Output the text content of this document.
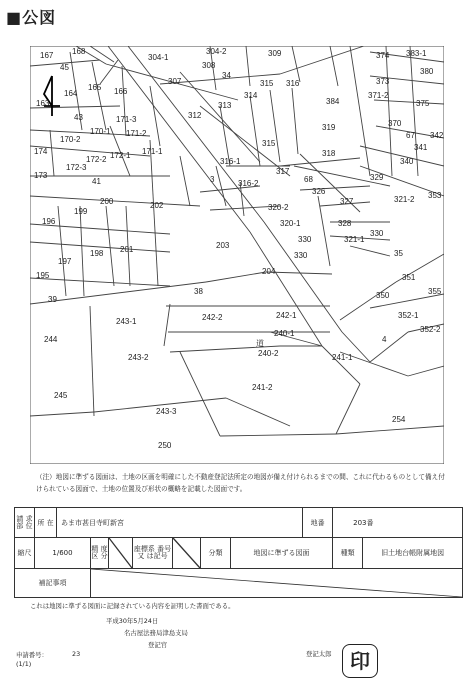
■公図
167 168
45
164
165 166
163
43
170-1
171-3
171-2
170-2
174
172-3
172-2 172-1 171-1
173
41
200
196
199
202
203
201
197
198
195
39
38
204
244
243-1	242-2	242-1
240-1
240-2
243-2
245
243-3
241-2
241-1
250
254
4
3
304-1
304-2
307
308
309
34
312
313
314
315 316
315
316-1
316-2
317
318
319
68
320-2
326
320-1
327
328
330
330	321-1
329
330
321-2
35
350
351
352-1
352-2
355
353
340
341
342
67
370
371-2
373
374
375
380
383-1
384
道
（注）地図に準ずる図面は、土地の区画を明確にした不動産登記法所定の地図が備え付けられるまでの間、これに代わるものとして備え付けられている図面で、土地の位置及び形状の概略を記載した図面です。
請 求 部 位	所 在	あま市甚目寺町新宮							地番	203番	
縮尺	1/600		精 度 区 分		座標系 番号又 は記号		分類	地図に準ずる図面		種類	旧土地台帳附属地図
補記事項	
これは地図に準ずる図面に記録されている内容を証明した書面である。
平成30年5月24日
名古屋法務局津島支局
登記官
登記太郎 印
申請番号：	23
(1/1)
